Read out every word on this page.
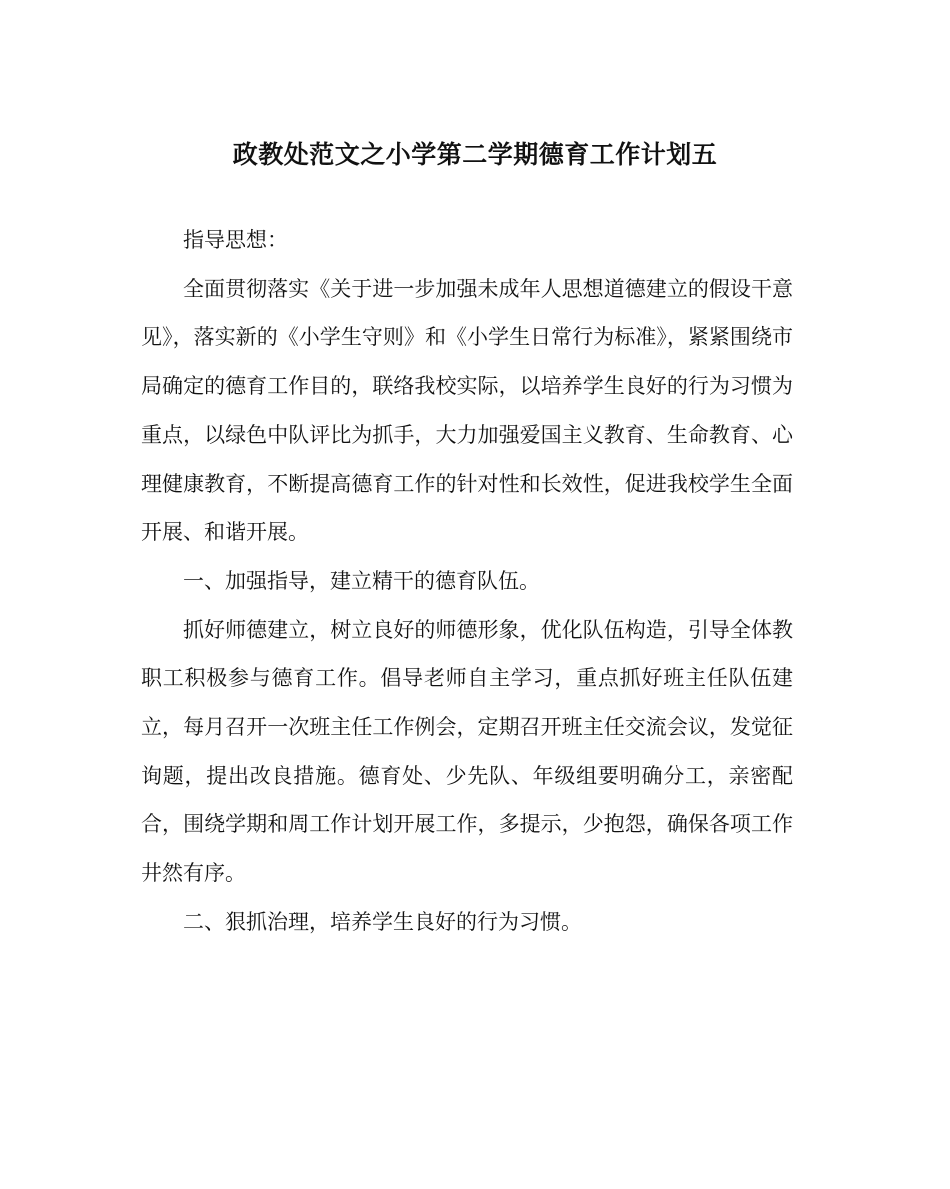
政教处范文之小学第二学期德育工作计划五

指导思想：

全面贯彻落实《关于进一步加强未成年人思想道德建立的假设干意见》，落实新的《小学生守则》和《小学生日常行为标准》，紧紧围绕市局确定的德育工作目的，联络我校实际，以培养学生良好的行为习惯为重点，以绿色中队评比为抓手，大力加强爱国主义教育、生命教育、心理健康教育，不断提高德育工作的针对性和长效性，促进我校学生全面开展、和谐开展。

一、加强指导，建立精干的德育队伍。

抓好师德建立，树立良好的师德形象，优化队伍构造，引导全体教职工积极参与德育工作。倡导老师自主学习，重点抓好班主任队伍建立，每月召开一次班主任工作例会，定期召开班主任交流会议，发觉征询题，提出改良措施。德育处、少先队、年级组要明确分工，亲密配合，围绕学期和周工作计划开展工作，多提示，少抱怨，确保各项工作井然有序。

二、狠抓治理，培养学生良好的行为习惯。
